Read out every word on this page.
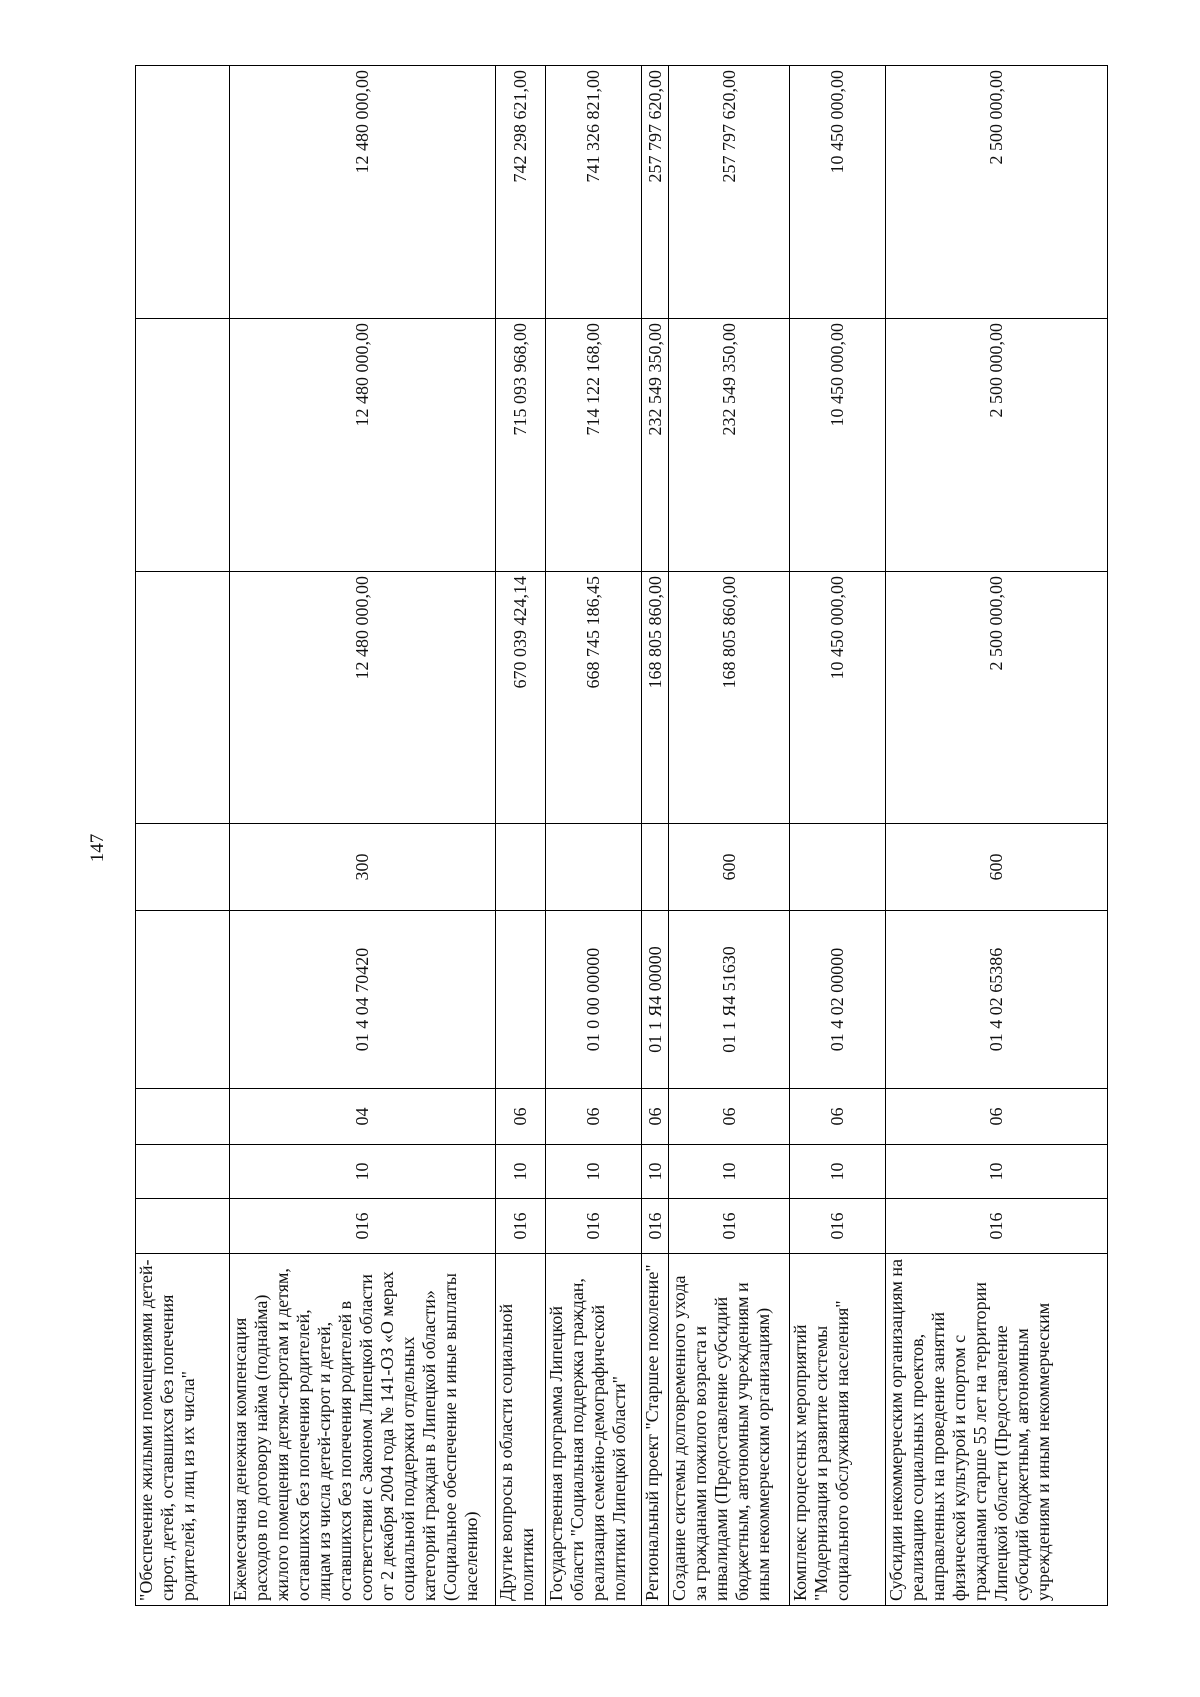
147
"Обеспечение жилыми помещениями детей-сирот, детей, оставшихся без попечения родителей, и лиц из их числа"								
Ежемесячная денежная компенсация расходов по договору найма (поднайма) жилого помещения детям-сиротам и детям, оставшихся без попечения родителей, лицам из числа детей-сирот и детей, оставшихся без попечения родителей в соответствии с Законом Липецкой области от 2 декабря 2004 года № 141-ОЗ «О мерах социальной поддержки отдельных категорий граждан в Липецкой области» (Социальное обеспечение и иные выплаты населению)	016	10	04	01 4 04 70420	300	12 480 000,00	12 480 000,00	12 480 000,00
Другие вопросы в области социальной политики	016	10	06			670 039 424,14	715 093 968,00	742 298 621,00
Государственная программа Липецкой области "Социальная поддержка граждан, реализация семейно-демографической политики Липецкой области"	016	10	06	01 0 00 00000		668 745 186,45	714 122 168,00	741 326 821,00
Региональный проект "Старшее поколение"	016	10	06	01 1 Я4 00000		168 805 860,00	232 549 350,00	257 797 620,00
Создание системы долговременного ухода за гражданами пожилого возраста и инвалидами (Предоставление субсидий бюджетным, автономным учреждениям и иным некоммерческим организациям)	016	10	06	01 1 Я4 51630	600	168 805 860,00	232 549 350,00	257 797 620,00
Комплекс процессных мероприятий "Модернизация и развитие системы социального обслуживания населения"	016	10	06	01 4 02 00000		10 450 000,00	10 450 000,00	10 450 000,00
Субсидии некоммерческим организациям на реализацию социальных проектов, направленных на проведение занятий физической культурой и спортом с гражданами старше 55 лет на территории Липецкой области (Предоставление субсидий бюджетным, автономным учреждениям и иным некоммерческим	016	10	06	01 4 02 65386	600	2 500 000,00	2 500 000,00	2 500 000,00
